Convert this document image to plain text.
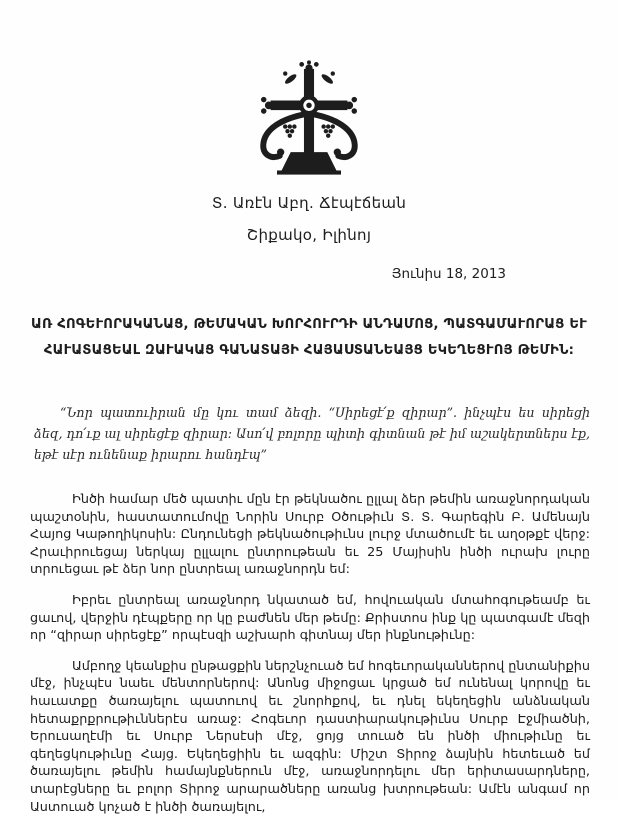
Տ. Առէն Աբղ. Ճէպէճեան
Շիքակօ, Իլինոյ
Յունիս 18, 2013
ԱՌ ՀՈԳԵՒՈՐԱԿԱՆԱՑ, ԹԵՄԱԿԱՆ ԽՈՐՀՈՒՐԴԻ ԱՆԴԱՄՈՑ, ՊԱՏԳԱՄԱՒՈՐԱՑ ԵՒ
ՀԱՒԱՏԱՑԵԱԼ ԶԱՒԱԿԱՑ ԳԱՆԱՏԱՅԻ ՀԱՅԱՍՏԱՆԵԱՅՑ ԵԿԵՂԵՑՒՈՅ ԹԵՄԻՆ:
“Նոր պատուիրան մը կու տամ ձեզի. “Սիրեցէ՛ք զիրար”. ինչպէս ես սիրեցի ձեզ, դո՛ւք ալ սիրեցէք զիրար: Ասո՛վ բոլորը պիտի գիտնան թէ իմ աշակերտներս էք, եթէ սէր ունենաք իրարու հանդէպ”

Ինծի համար մեծ պատիւ մըն էր թեկնածու ըլլալ ձեր թեմին առաջնորդական պաշտօնին, հաստատումովը Նորին Սուրբ Օծութիւն Տ. Տ. Գարեգին Բ. Ամենայն Հայոց Կաթողիկոսին: Ընդունեցի թեկնածութիւնս լուրջ մտածումէ եւ աղօթքէ վերջ: Հրաւիրուեցայ ներկայ ըլլալու ընտրութեան եւ 25 Մայիսին ինծի ուրախ լուրը տրուեցաւ թէ ձեր նոր ընտրեալ առաջնորդն եմ:

Իբրեւ ընտրեալ առաջնորդ նկատած եմ, հովուական մտահոգութեամբ եւ ցաւով, վերջին դէպքերը որ կը բաժնեն մեր թեմը: Քրիստոս ինք կը պատգամէ մեզի որ “զիրար սիրեցէք” որպէսզի աշխարհ գիտնայ մեր ինքնութիւնը:

Ամբողջ կեանքիս ընթացքին ներշնչուած եմ հոգեւորականներով ընտանիքիս մէջ, ինչպէս նաեւ մենտորներով: Անոնց միջոցաւ կրցած եմ ունենալ կորովը եւ հաւատքը ծառայելու պատուով եւ շնորհքով, եւ դնել եկեղեցին անձնական հետաքրքրութիւններէս առաջ: Հոգեւոր դաստիարակութիւնս Սուրբ Էջմիածնի, Երուսաղէմի եւ Սուրբ Ներսէսի մէջ, ցոյց տուած են ինծի միութիւնը եւ գեղեցկութիւնը Հայց. Եկեղեցիին եւ ազգին: Միշտ Տիրոջ ձայնին հետեւած եմ ծառայելու թեմին համայնքներուն մէջ, առաջնորդելու մեր երիտասարդները, տարէցները եւ բոլոր Տիրոջ արարածները առանց խտրութեան: Ամէն անգամ որ Աստուած կոչած է ինծի ծառայելու,
